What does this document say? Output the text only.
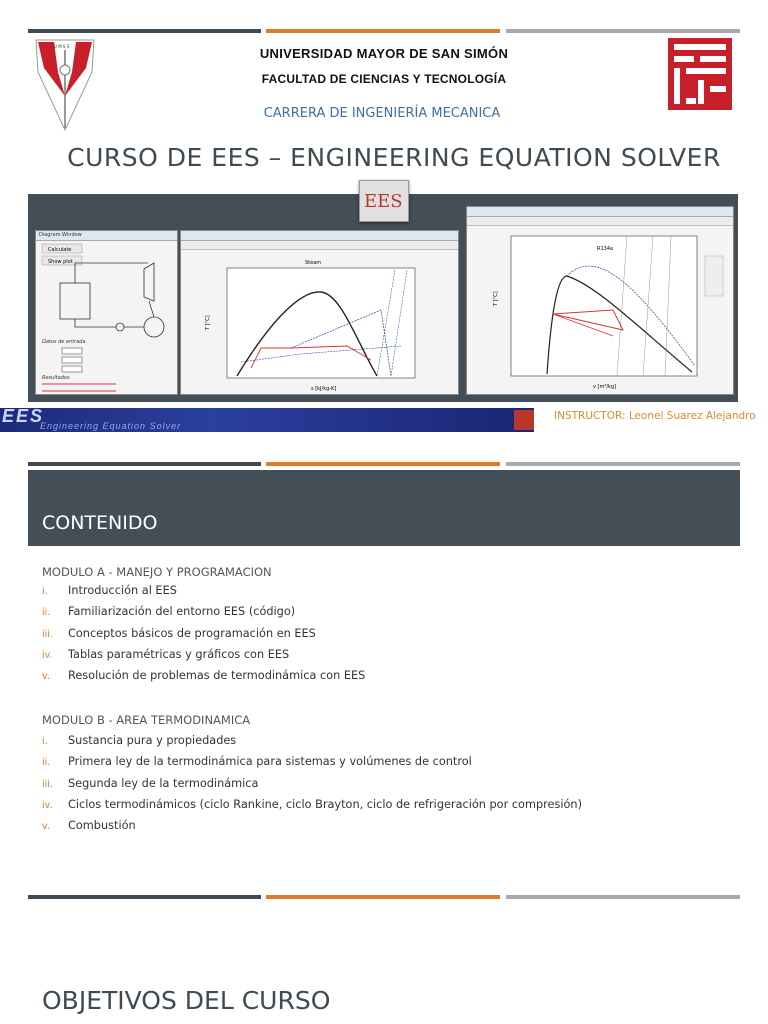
U M S S	UNIVERSIDAD MAYOR DE SAN SIMÓN
FACULTAD DE CIENCIAS Y TECNOLOGÍA
CARRERA DE INGENIERÍA MECANICA
CURSO DE EES – ENGINEERING EQUATION SOLVER
Diagram Window
Calculate
Show plot
Datos de entrada
Resultados
Steam
s [kJ/kg-K]
T [°C]
R134a
v [m³/kg]
T [°C]
EES
EES
Engineering Equation Solver
INSTRUCTOR: Leonel Suarez Alejandro
CONTENIDO
MODULO A - MANEJO Y PROGRAMACION
i. Introducción al EES
ii. Familiarización del entorno EES (código)
iii. Conceptos básicos de programación en EES
iv. Tablas paramétricas y gráficos con EES
v. Resolución de problemas de termodinámica con EES
MODULO B - AREA TERMODINAMICA
i. Sustancia pura y propiedades
ii. Primera ley de la termodinámica para sistemas y volúmenes de control
iii. Segunda ley de la termodinámica
iv. Ciclos termodinámicos (ciclo Rankine, ciclo Brayton, ciclo de refrigeración por compresión)
v. Combustión
OBJETIVOS DEL CURSO
